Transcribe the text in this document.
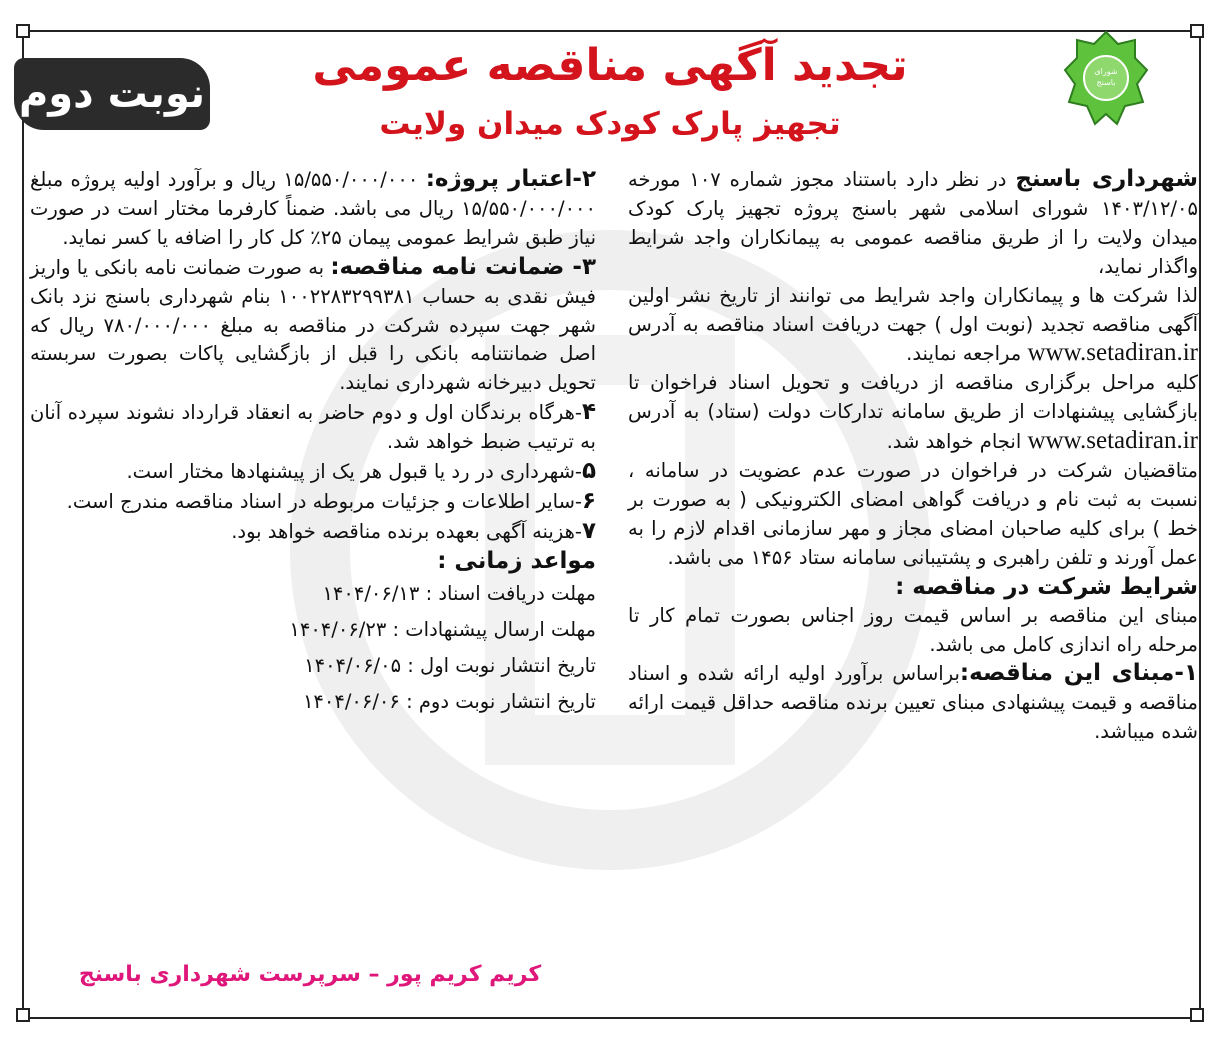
شورای
باسنج
نوبت دوم
تجدید آگهی مناقصه عمومی
تجهیز پارک کودک میدان ولایت

شهرداری باسنج در نظر دارد باستناد مجوز شماره ۱۰۷ مورخه ۱۴۰۳/۱۲/۰۵ شورای اسلامی شهر باسنج پروژه تجهیز پارک کودک میدان ولایت را از طریق مناقصه عمومی به پیمانکاران واجد شرایط واگذار نماید،

لذا شرکت ها و پیمانکاران واجد شرایط می توانند از تاریخ نشر اولین آگهی مناقصه تجدید (نوبت اول ) جهت دریافت اسناد مناقصه به آدرس www.setadiran.ir مراجعه نمایند.

کلیه مراحل برگزاری مناقصه از دریافت و تحویل اسناد فراخوان تا بازگشایی پیشنهادات از طریق سامانه تدارکات دولت (ستاد) به آدرس www.setadiran.ir انجام خواهد شد.

متاقضیان شرکت در فراخوان در صورت عدم عضویت در سامانه ، نسبت به ثبت نام و دریافت گواهی امضای الکترونیکی ( به صورت بر خط ) برای کلیه صاحبان امضای مجاز و مهر سازمانی اقدام لازم را به عمل آورند و تلفن راهبری و پشتیبانی سامانه ستاد ۱۴۵۶ می باشد.

شرایط شرکت در مناقصه :

مبنای این مناقصه بر اساس قیمت روز اجناس بصورت تمام کار تا مرحله راه اندازی کامل می باشد.

۱-مبنای این مناقصه:براساس برآورد اولیه ارائه شده و اسناد مناقصه و قیمت پیشنهادی مبنای تعیین برنده مناقصه حداقل قیمت ارائه شده میباشد.

۲-اعتبار پروژه: ۱۵/۵۵۰/۰۰۰/۰۰۰ ریال و برآورد اولیه پروژه مبلغ ۱۵/۵۵۰/۰۰۰/۰۰۰ ریال می باشد. ضمناً کارفرما مختار است در صورت نیاز طبق شرایط عمومی پیمان ۲۵٪ کل کار را اضافه یا کسر نماید.

۳- ضمانت نامه مناقصه: به صورت ضمانت نامه بانکی یا واریز فیش نقدی به حساب ۱۰۰۲۲۸۳۲۹۹۳۸۱ بنام شهرداری باسنج نزد بانک شهر جهت سپرده شرکت در مناقصه به مبلغ ۷۸۰/۰۰۰/۰۰۰ ریال که اصل ضمانتنامه بانکی را قبل از بازگشایی پاکات بصورت سربسته تحویل دبیرخانه شهرداری نمایند.

۴-هرگاه برندگان اول و دوم حاضر به انعقاد قرارداد نشوند سپرده آنان به ترتیب ضبط خواهد شد.

۵-شهرداری در رد یا قبول هر یک از پیشنهادها مختار است.

۶-سایر اطلاعات و جزئیات مربوطه در اسناد مناقصه مندرج است.

۷-هزینه آگهی بعهده برنده مناقصه خواهد بود.

مواعد زمانی :

مهلت دریافت اسناد : ۱۴۰۴/۰۶/۱۳

مهلت ارسال پیشنهادات : ۱۴۰۴/۰۶/۲۳

تاریخ انتشار نوبت اول : ۱۴۰۴/۰۶/۰۵

تاریخ انتشار نوبت دوم : ۱۴۰۴/۰۶/۰۶

کریم کریم پور – سرپرست شهرداری باسنج
